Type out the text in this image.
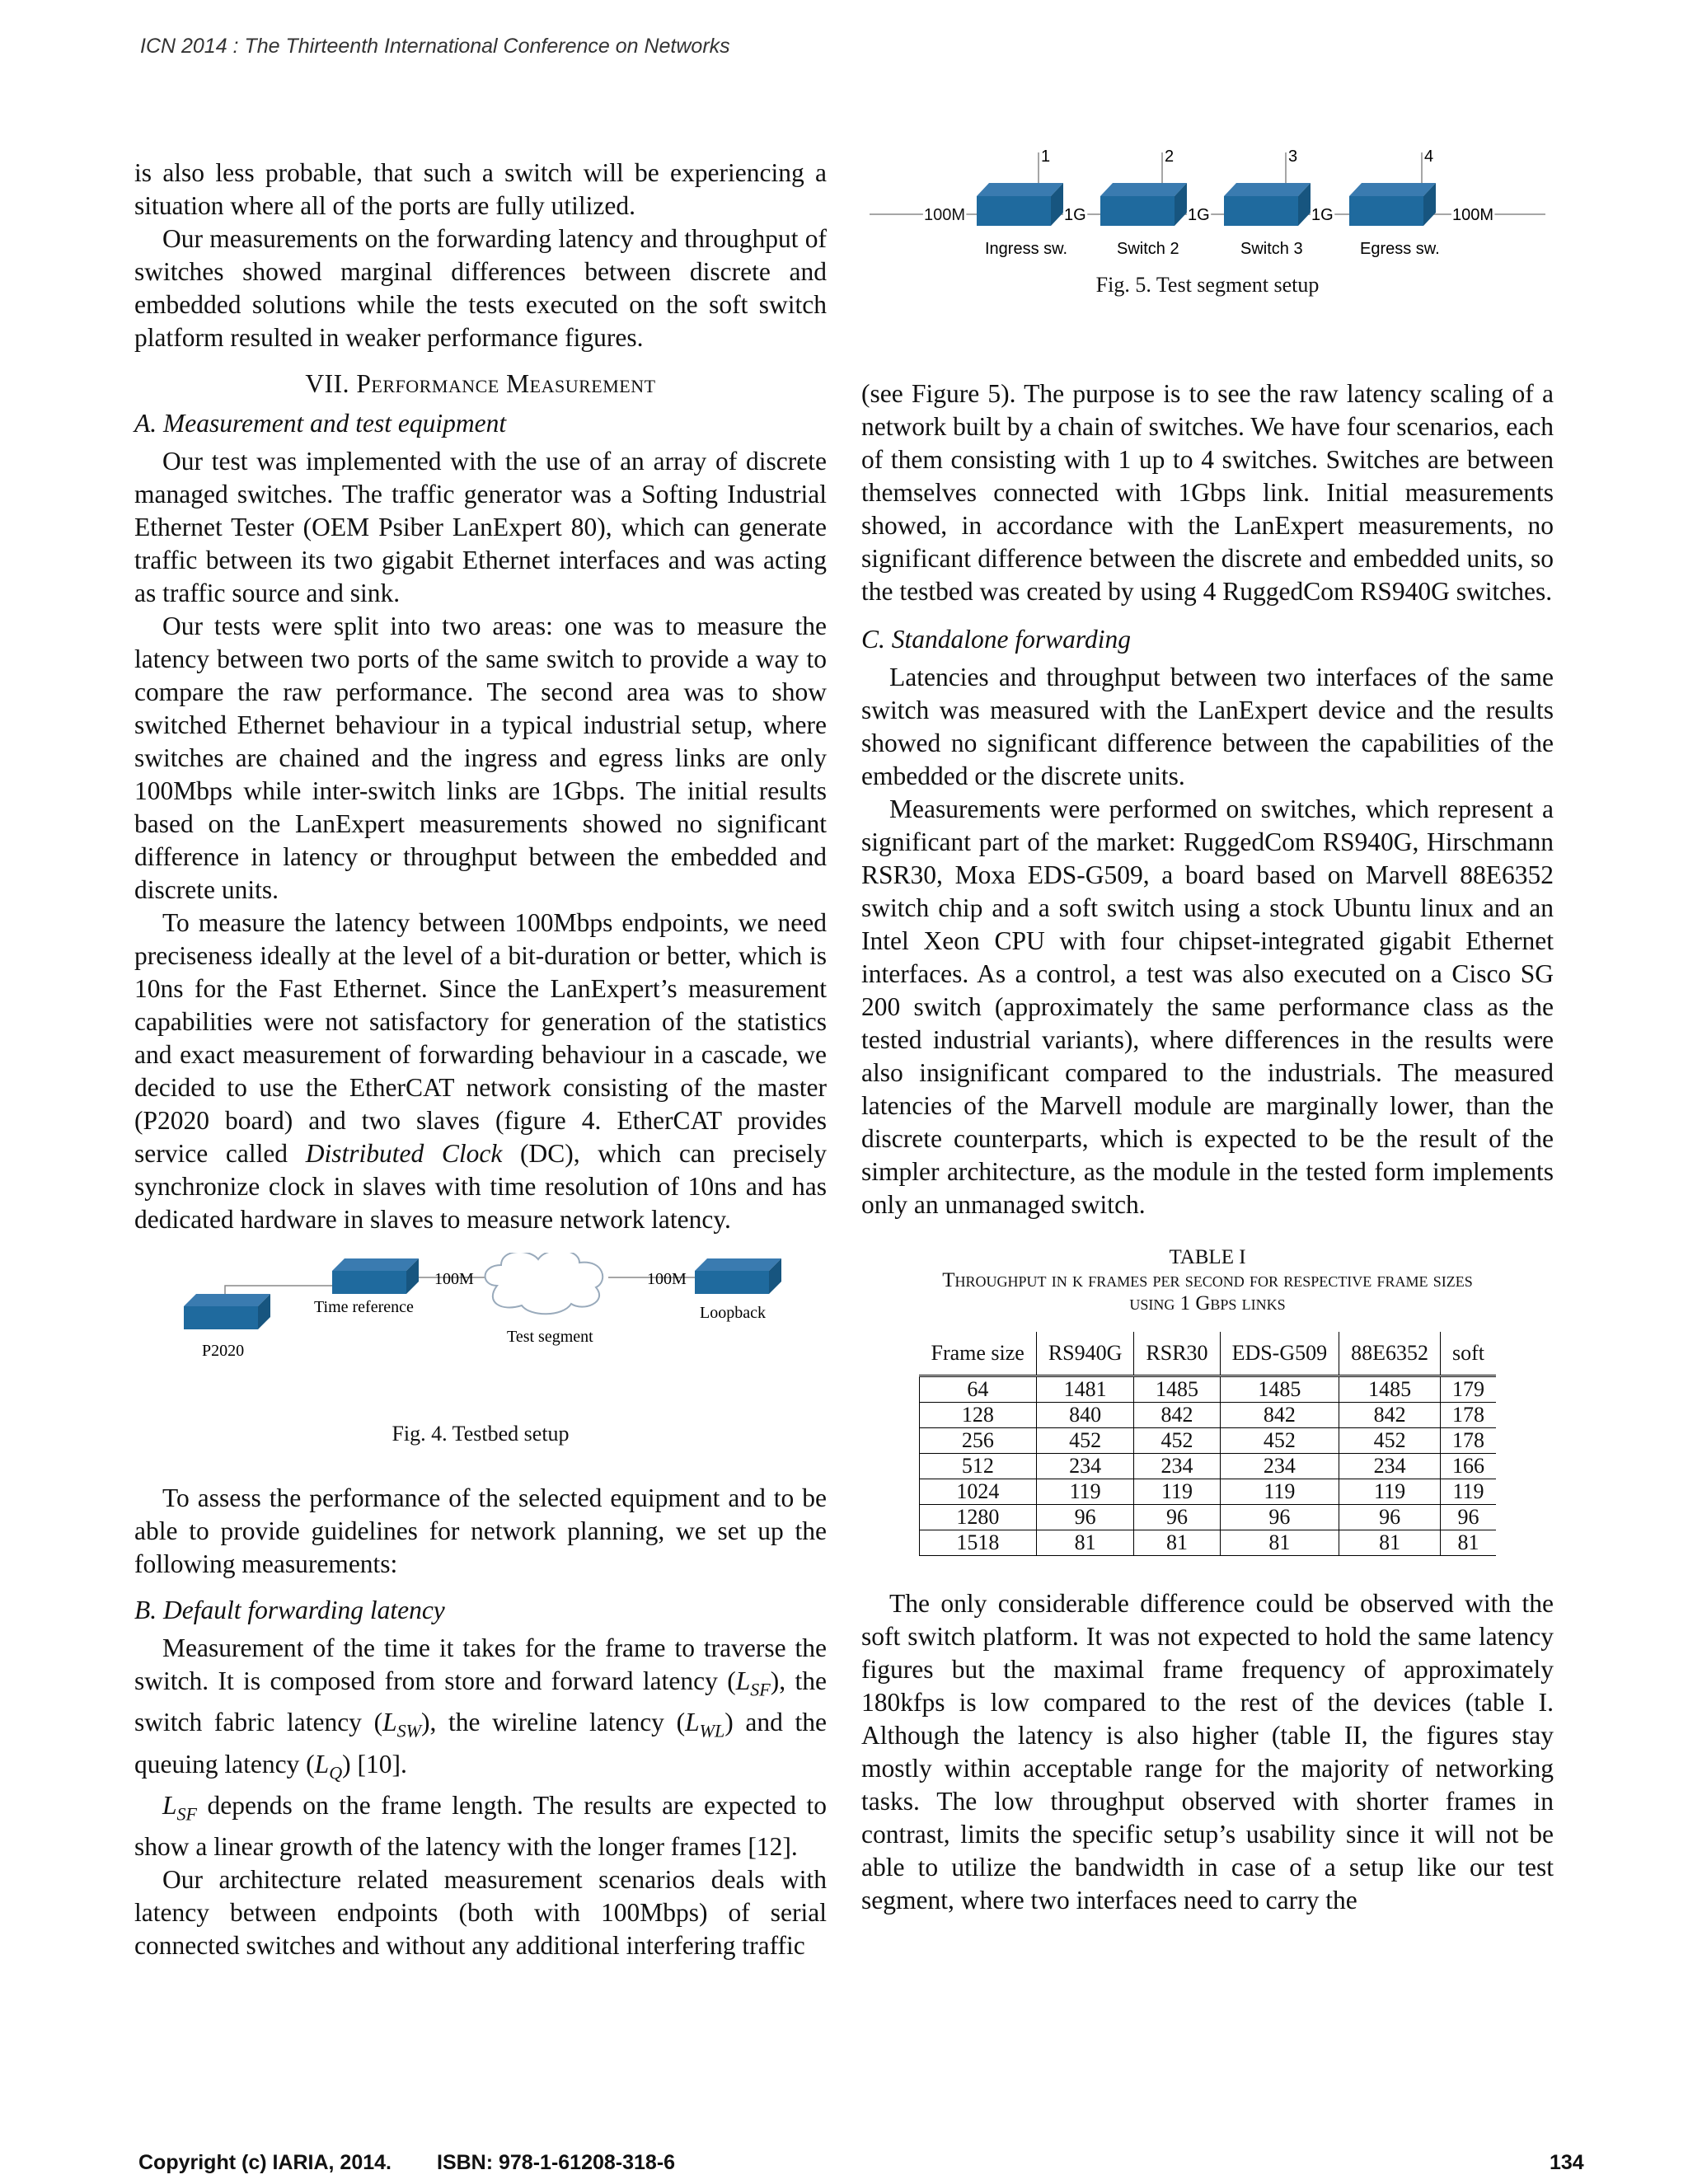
ICN 2014 : The Thirteenth International Conference on Networks

is also less probable, that such a switch will be experiencing a situation where all of the ports are fully utilized.

Our measurements on the forwarding latency and throughput of switches showed marginal differences between discrete and embedded solutions while the tests executed on the soft switch platform resulted in weaker performance figures.

VII. Performance Measurement
A. Measurement and test equipment

Our test was implemented with the use of an array of discrete managed switches. The traffic generator was a Softing Industrial Ethernet Tester (OEM Psiber LanExpert 80), which can generate traffic between its two gigabit Ethernet interfaces and was acting as traffic source and sink.

Our tests were split into two areas: one was to measure the latency between two ports of the same switch to provide a way to compare the raw performance. The second area was to show switched Ethernet behaviour in a typical industrial setup, where switches are chained and the ingress and egress links are only 100Mbps while inter-switch links are 1Gbps. The initial results based on the LanExpert measurements showed no significant difference in latency or throughput between the embedded and discrete units.

To measure the latency between 100Mbps endpoints, we need preciseness ideally at the level of a bit-duration or better, which is 10ns for the Fast Ethernet. Since the LanExpert’s measurement capabilities were not satisfactory for generation of the statistics and exact measurement of forwarding behaviour in a cascade, we decided to use the EtherCAT network consisting of the master (P2020 board) and two slaves (figure 4. EtherCAT provides service called Distributed Clock (DC), which can precisely synchronize clock in slaves with time resolution of 10ns and has dedicated hardware in slaves to measure network latency.

100M	100M
Time reference
Test segment
Loopback
P2020
Fig. 4. Testbed setup

To assess the performance of the selected equipment and to be able to provide guidelines for network planning, we set up the following measurements:

B. Default forwarding latency

Measurement of the time it takes for the frame to traverse the switch. It is composed from store and forward latency $(L_{SF})$, the switch fabric latency $(L_{SW})$, the wireline latency $(L_{WL})$ and the queuing latency $(L_Q)$ [10].

$L_{SF}$ depends on the frame length. The results are expected to show a linear growth of the latency with the longer frames [12].

Our architecture related measurement scenarios deals with latency between endpoints (both with 100Mbps) of serial connected switches and without any additional interfering traffic

1	2	3	4
100M	1G	1G	1G	100M
Ingress sw.	Switch 2	Switch 3	Egress sw.
Fig. 5. Test segment setup

(see Figure 5). The purpose is to see the raw latency scaling of a network built by a chain of switches. We have four scenarios, each of them consisting with 1 up to 4 switches. Switches are between themselves connected with 1Gbps link. Initial measurements showed, in accordance with the LanExpert measurements, no significant difference between the discrete and embedded units, so the testbed was created by using 4 RuggedCom RS940G switches.

C. Standalone forwarding

Latencies and throughput between two interfaces of the same switch was measured with the LanExpert device and the results showed no significant difference between the capabilities of the embedded or the discrete units.

Measurements were performed on switches, which represent a significant part of the market: RuggedCom RS940G, Hirschmann RSR30, Moxa EDS-G509, a board based on Marvell 88E6352 switch chip and a soft switch using a stock Ubuntu linux and an Intel Xeon CPU with four chipset-integrated gigabit Ethernet interfaces. As a control, a test was also executed on a Cisco SG 200 switch (approximately the same performance class as the tested industrial variants), where differences in the results were also insignificant compared to the industrials. The measured latencies of the Marvell module are marginally lower, than the discrete counterparts, which is expected to be the result of the simpler architecture, as the module in the tested form implements only an unmanaged switch.

TABLE I
Throughput in k frames per second for respective frame sizes
using 1 Gbps links
Frame size	RS940G	RSR30	EDS-G509	88E6352	soft
64	1481	1485	1485	1485	179
128	840	842	842	842	178
256	452	452	452	452	178
512	234	234	234	234	166
1024	119	119	119	119	119
1280	96	96	96	96	96
1518	81	81	81	81	81

The only considerable difference could be observed with the soft switch platform. It was not expected to hold the same latency figures but the maximal frame frequency of approximately 180kfps is low compared to the rest of the devices (table I. Although the latency is also higher (table II, the figures stay mostly within acceptable range for the majority of networking tasks. The low throughput observed with shorter frames in contrast, limits the specific setup’s usability since it will not be able to utilize the bandwidth in case of a setup like our test segment, where two interfaces need to carry the

Copyright (c) IARIA, 2014. ISBN: 978-1-61208-318-6	134
